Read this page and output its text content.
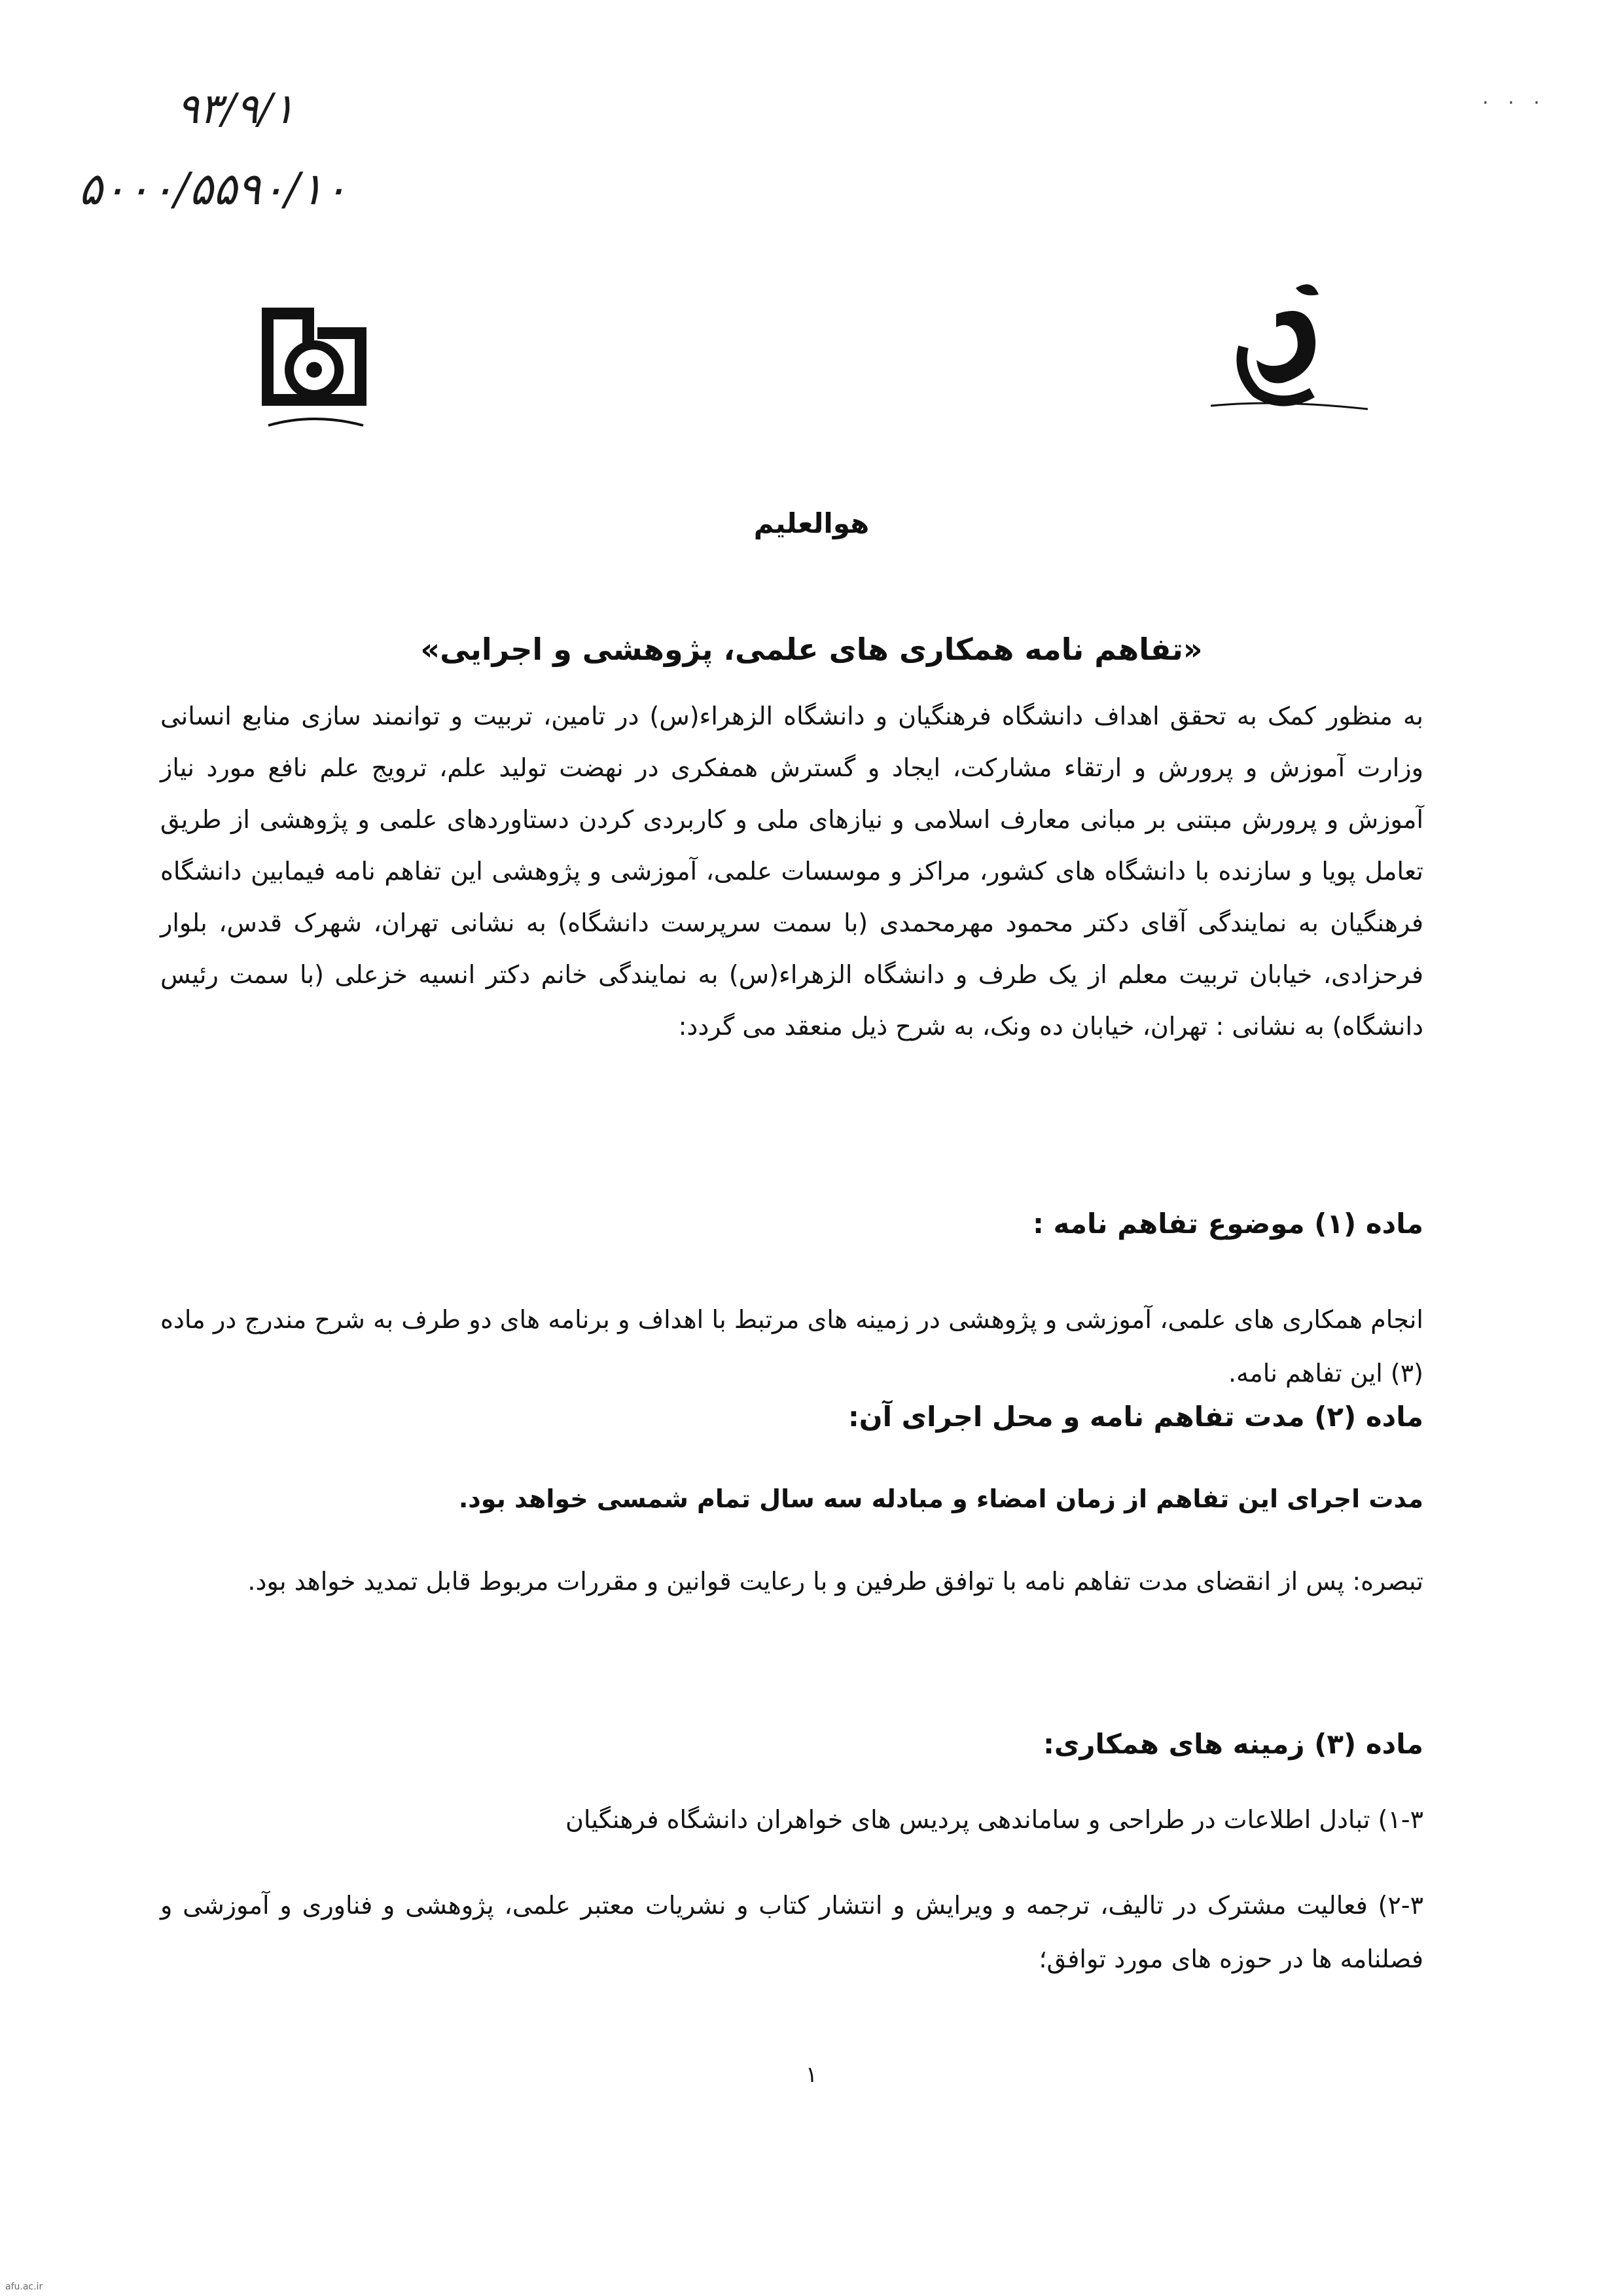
۹۳/۹/۱
۵۰۰۰/۵۵۹۰/۱۰
· · ·
هوالعلیم
«تفاهم نامه همکاری های علمی، پژوهشی و اجرایی»
به منظور کمک به تحقق اهداف دانشگاه فرهنگیان و دانشگاه الزهراء(س) در تامین، تربیت و توانمند سازی منابع انسانی وزارت آموزش و پرورش و ارتقاء مشارکت، ایجاد و گسترش همفکری در نهضت تولید علم، ترویج علم نافع مورد نیاز آموزش و پرورش مبتنی بر مبانی معارف اسلامی و نیازهای ملی و کاربردی کردن دستاوردهای علمی و پژوهشی از طریق تعامل پویا و سازنده با دانشگاه های کشور، مراکز و موسسات علمی، آموزشی و پژوهشی این تفاهم نامه فیمابین دانشگاه فرهنگیان به نمایندگی آقای دکتر محمود مهرمحمدی (با سمت سرپرست دانشگاه) به نشانی تهران، شهرک قدس، بلوار فرحزادی، خیابان تربیت معلم از یک طرف و دانشگاه الزهراء(س) به نمایندگی خانم دکتر انسیه خزعلی (با سمت رئیس دانشگاه) به نشانی : تهران، خیابان ده ونک، به شرح ذیل منعقد می گردد:
ماده (۱) موضوع تفاهم نامه :
انجام همکاری های علمی، آموزشی و پژوهشی در زمینه های مرتبط با اهداف و برنامه های دو طرف به شرح مندرج در ماده (۳) این تفاهم نامه.
ماده (۲) مدت تفاهم نامه و محل اجرای آن:
مدت اجرای این تفاهم از زمان امضاء و مبادله سه سال تمام شمسی خواهد بود.
تبصره: پس از انقضای مدت تفاهم نامه با توافق طرفین و با رعایت قوانین و مقررات مربوط قابل تمدید خواهد بود.
ماده (۳) زمینه های همکاری:
۱-۳) تبادل اطلاعات در طراحی و ساماندهی پردیس های خواهران دانشگاه فرهنگیان
۲-۳) فعالیت مشترک در تالیف، ترجمه و ویرایش و انتشار کتاب و نشریات معتبر علمی، پژوهشی و فناوری و آموزشی و فصلنامه ها در حوزه های مورد توافق؛
۱
afu.ac.ir
